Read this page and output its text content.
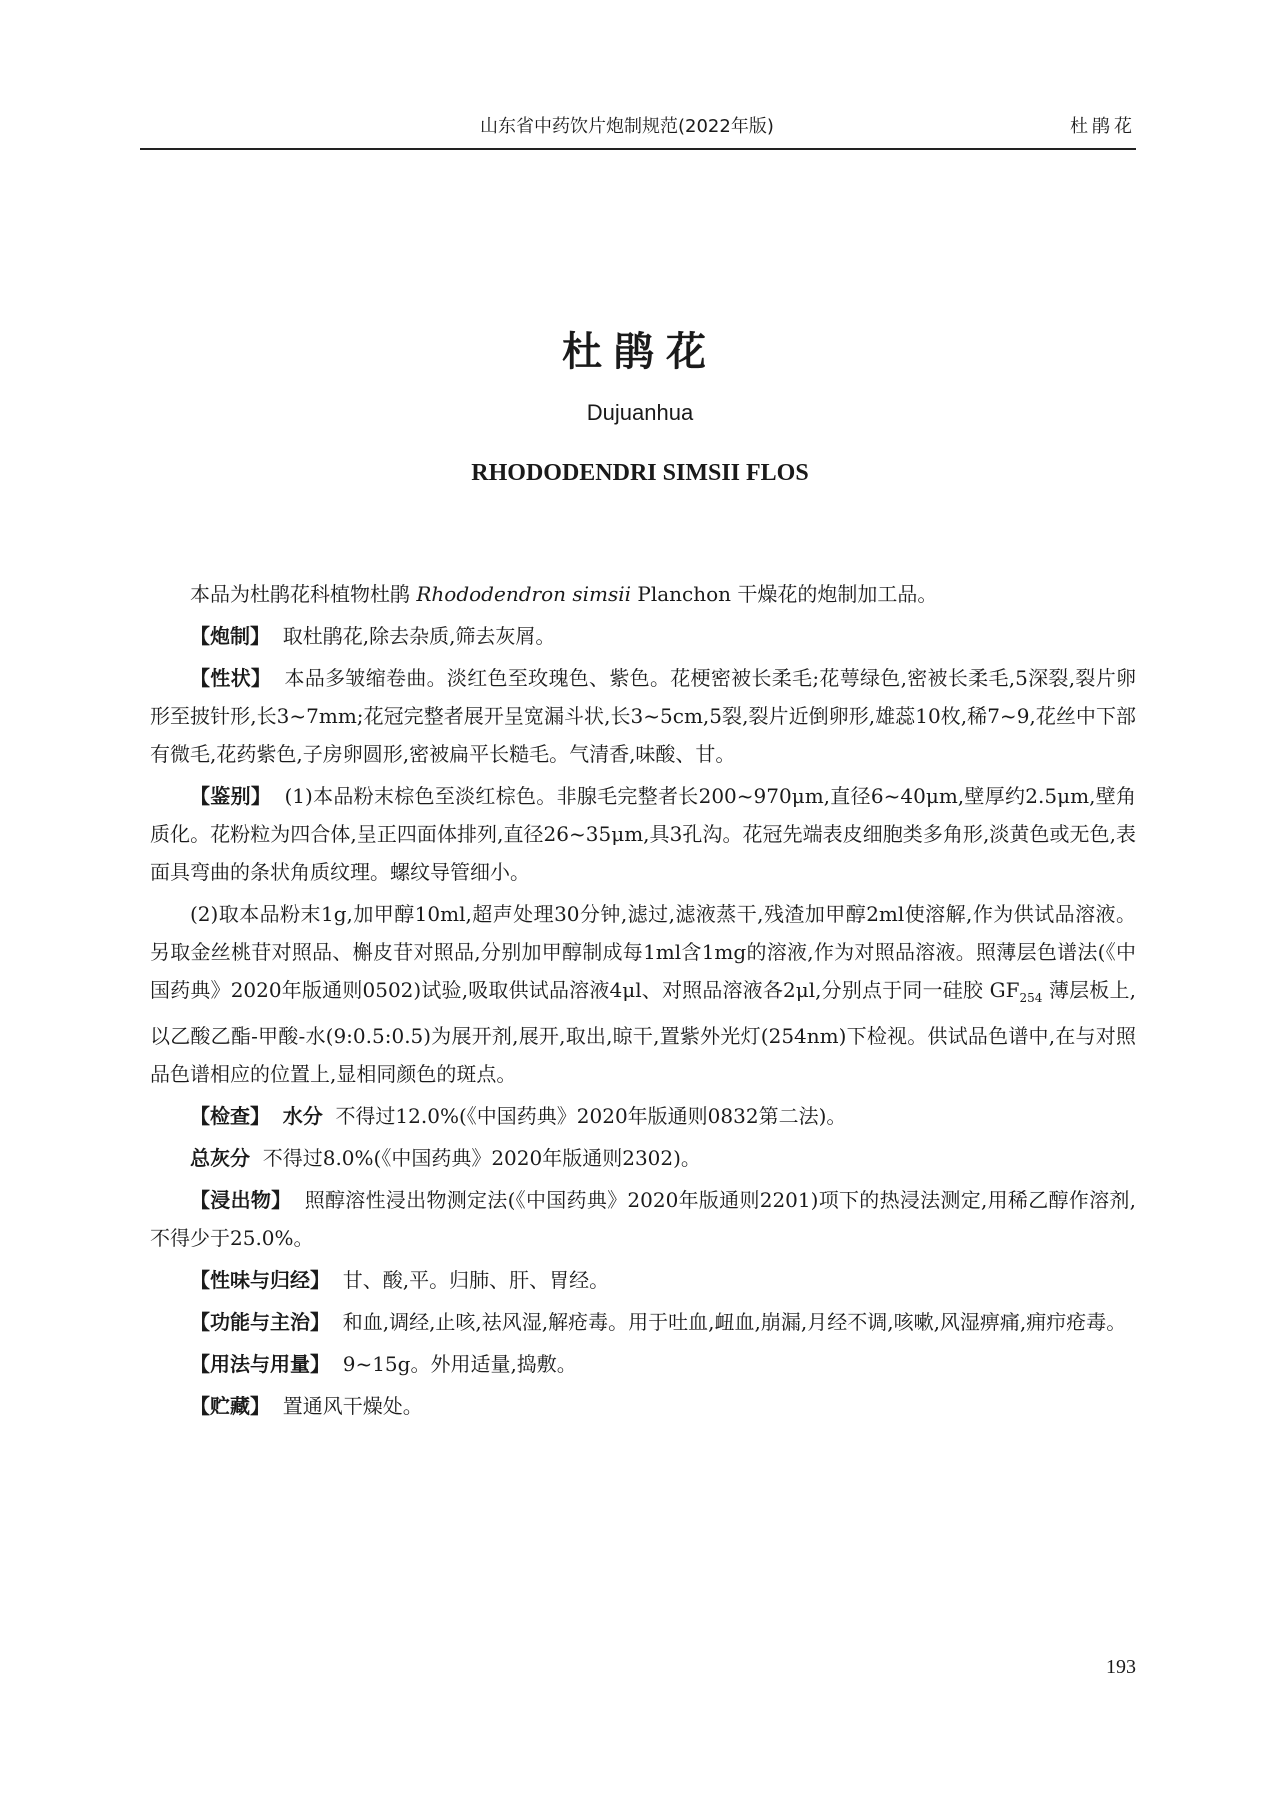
山东省中药饮片炮制规范(2022年版)	杜鹃花
杜鹃花
Dujuanhua
RHODODENDRI SIMSII FLOS

本品为杜鹃花科植物杜鹃 Rhododendron simsii Planchon 干燥花的炮制加工品。

【炮制】 取杜鹃花,除去杂质,筛去灰屑。

【性状】 本品多皱缩卷曲。淡红色至玫瑰色、紫色。花梗密被长柔毛;花萼绿色,密被长柔毛,5深裂,裂片卵形至披针形,长3~7mm;花冠完整者展开呈宽漏斗状,长3~5cm,5裂,裂片近倒卵形,雄蕊10枚,稀7~9,花丝中下部有微毛,花药紫色,子房卵圆形,密被扁平长糙毛。气清香,味酸、甘。

【鉴别】 (1)本品粉末棕色至淡红棕色。非腺毛完整者长200~970μm,直径6~40μm,壁厚约2.5μm,壁角质化。花粉粒为四合体,呈正四面体排列,直径26~35μm,具3孔沟。花冠先端表皮细胞类多角形,淡黄色或无色,表面具弯曲的条状角质纹理。螺纹导管细小。

(2)取本品粉末1g,加甲醇10ml,超声处理30分钟,滤过,滤液蒸干,残渣加甲醇2ml使溶解,作为供试品溶液。另取金丝桃苷对照品、槲皮苷对照品,分别加甲醇制成每1ml含1mg的溶液,作为对照品溶液。照薄层色谱法(《中国药典》2020年版通则0502)试验,吸取供试品溶液4μl、对照品溶液各2μl,分别点于同一硅胶 $GF_{254}$ 薄层板上,以乙酸乙酯-甲酸-水(9:0.5:0.5)为展开剂,展开,取出,晾干,置紫外光灯(254nm)下检视。供试品色谱中,在与对照品色谱相应的位置上,显相同颜色的斑点。

【检查】 水分 不得过12.0%(《中国药典》2020年版通则0832第二法)。

总灰分 不得过8.0%(《中国药典》2020年版通则2302)。

【浸出物】 照醇溶性浸出物测定法(《中国药典》2020年版通则2201)项下的热浸法测定,用稀乙醇作溶剂,不得少于25.0%。

【性味与归经】 甘、酸,平。归肺、肝、胃经。

【功能与主治】 和血,调经,止咳,祛风湿,解疮毒。用于吐血,衄血,崩漏,月经不调,咳嗽,风湿痹痛,痈疖疮毒。

【用法与用量】 9~15g。外用适量,捣敷。

【贮藏】 置通风干燥处。

193
